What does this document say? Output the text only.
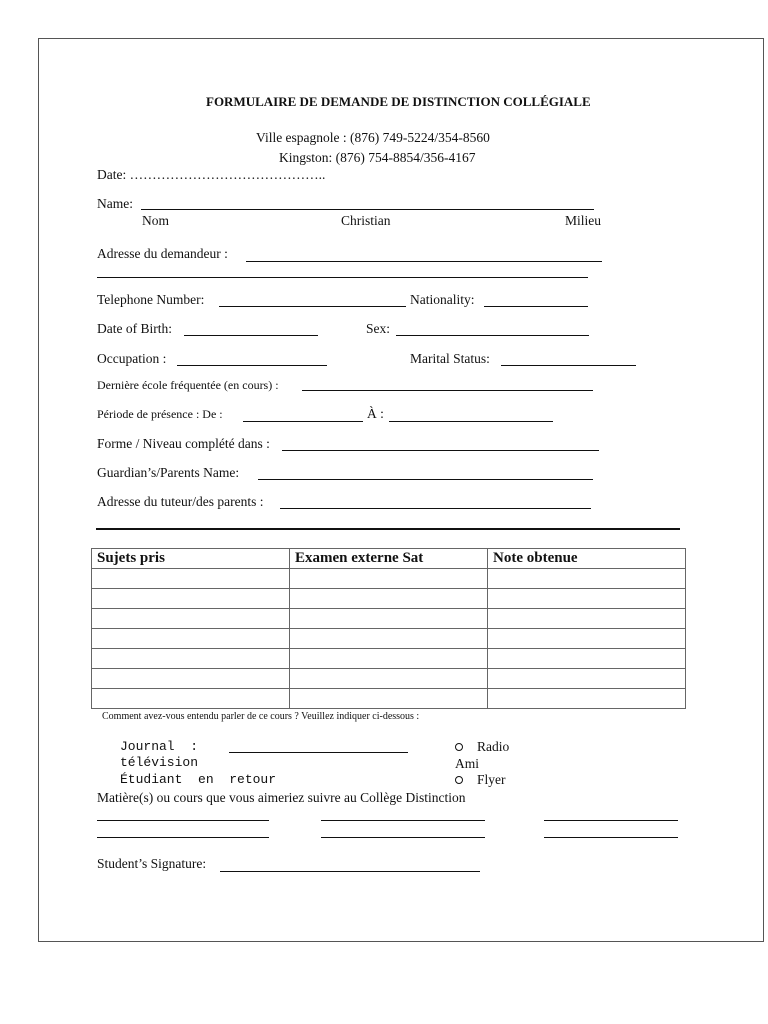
FORMULAIRE DE DEMANDE DE DISTINCTION COLLÉGIALE
Ville espagnole : (876) 749-5224/354-8560
Kingston: (876) 754-8854/356-4167
Date: ……………………………………..
Name:
Nom	Christian	Milieu
Adresse du demandeur :
Telephone Number:	Nationality:
Date of Birth:	Sex:
Occupation :	Marital Status:
Dernière école fréquentée (en cours) :
Période de présence : De :	À :
Forme / Niveau complété dans :
Guardian’s/Parents Name:
Adresse du tuteur/des parents :
Sujets pris	Examen externe Sat	Note obtenue

Comment avez-vous entendu parler de ce cours ? Veuillez indiquer ci-dessous :
Journal  :
télévision
Étudiant  en  retour
Radio
Ami
Flyer
Matière(s) ou cours que vous aimeriez suivre au Collège Distinction
Student’s Signature:
